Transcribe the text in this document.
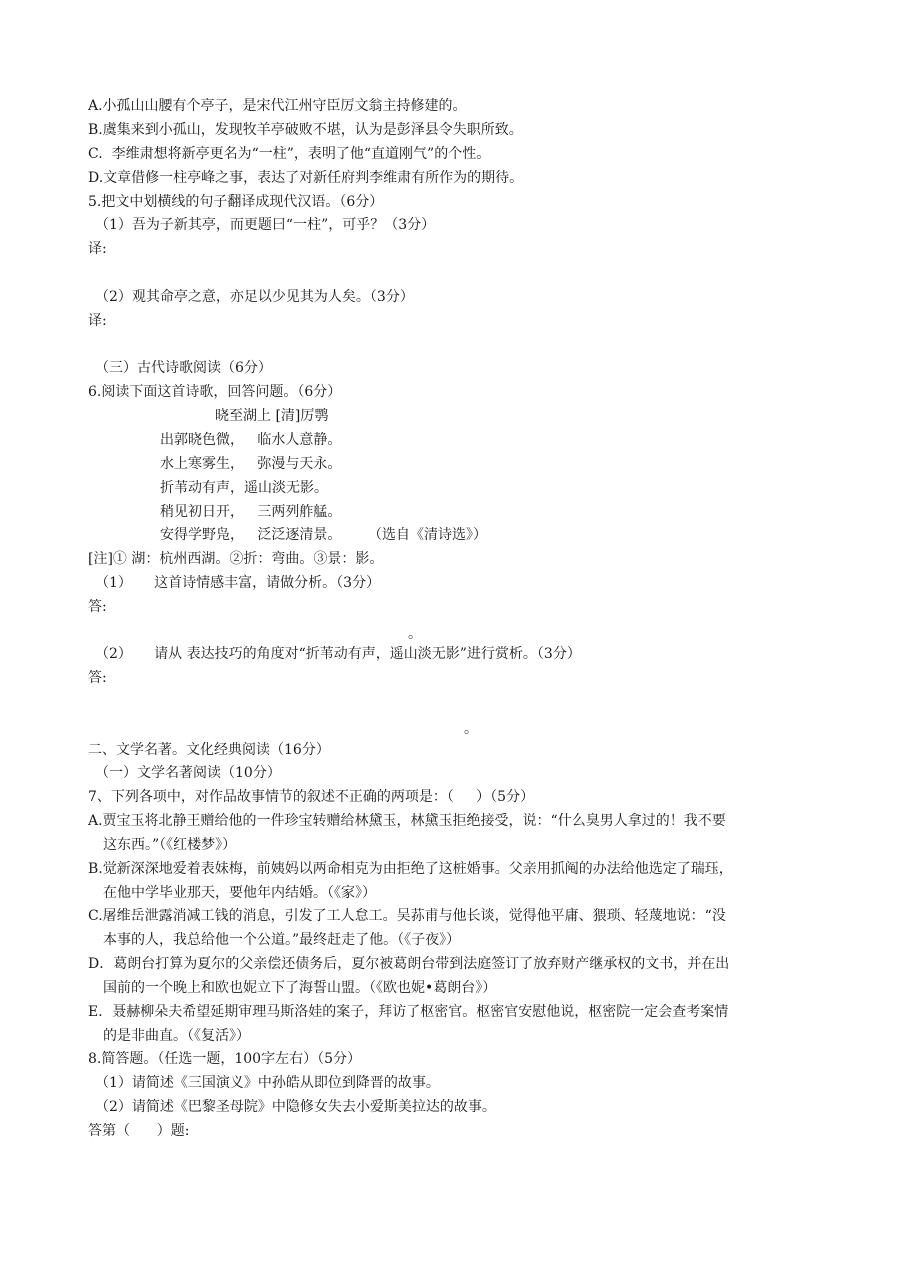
A.小孤山山腰有个亭子，是宋代江州守臣厉文翁主持修建的。
B.虞集来到小孤山，发现牧羊亭破败不堪，认为是彭泽县令失职所致。
C.  李维肃想将新亭更名为“一柱”，表明了他“直道刚气”的个性。
D.文章借修一柱亭峰之事，表达了对新任府判李维肃有所作为的期待。
5.把文中划横线的句子翻译成现代汉语。（6分）
（1）吾为子新其亭，而更题曰“一柱”，可乎？（3分）
译:
（2）观其命亭之意，亦足以少见其为人矣。（3分）
译:
（三）古代诗歌阅读（6分）
6.阅读下面这首诗歌，回答问题。（6分）
晓至湖上 [清]厉鹗
出郭晓色微，   临水人意静。
水上寒雾生，   弥漫与天永。
折苇动有声，遥山淡无影。
稍见初日开，   三两列舴艋。
安得学野凫，   泛泛逐清景。      （选自《清诗选》）
[注]① 湖：杭州西湖。②折：弯曲。③景：影。
（1）     这首诗情感丰富，请做分析。（3分）
答:
。
（2）     请从 表达技巧的角度对“折苇动有声，遥山淡无影”进行赏析。（3分）
答:
。
二、文学名著。文化经典阅读（16分）
（一）文学名著阅读（10分）
7、下列各项中，对作品故事情节的叙述不正确的两项是：（     ）（5分）
A.贾宝玉将北静王赠给他的一件珍宝转赠给林黛玉，林黛玉拒绝接受，说：“什么臭男人拿过的！我不要
这东西。”（《红楼梦》）
B.觉新深深地爱着表妹梅，前姨妈以两命相克为由拒绝了这桩婚事。父亲用抓阄的办法给他选定了瑞珏，
在他中学毕业那天，要他年内结婚。（《家》）
C.屠维岳泄露消减工钱的消息，引发了工人怠工。吴荪甫与他长谈，觉得他平庸、猥琐、轻蔑地说：“没
本事的人，我总给他一个公道。”最终赶走了他。（《子夜》）
D．葛朗台打算为夏尔的父亲偿还债务后，夏尔被葛朗台带到法庭签订了放弃财产继承权的文书，并在出
国前的一个晚上和欧也妮立下了海誓山盟。（《欧也妮•葛朗台》）
E．聂赫柳朵夫希望延期审理马斯洛娃的案子，拜访了枢密官。枢密官安慰他说，枢密院一定会查考案情
的是非曲直。（《复活》）
8.简答题。（任选一题，100字左右）（5分）
（1）请简述《三国演义》中孙皓从即位到降晋的故事。
（2）请简述《巴黎圣母院》中隐修女失去小爱斯美拉达的故事。
答第（      ）题:
